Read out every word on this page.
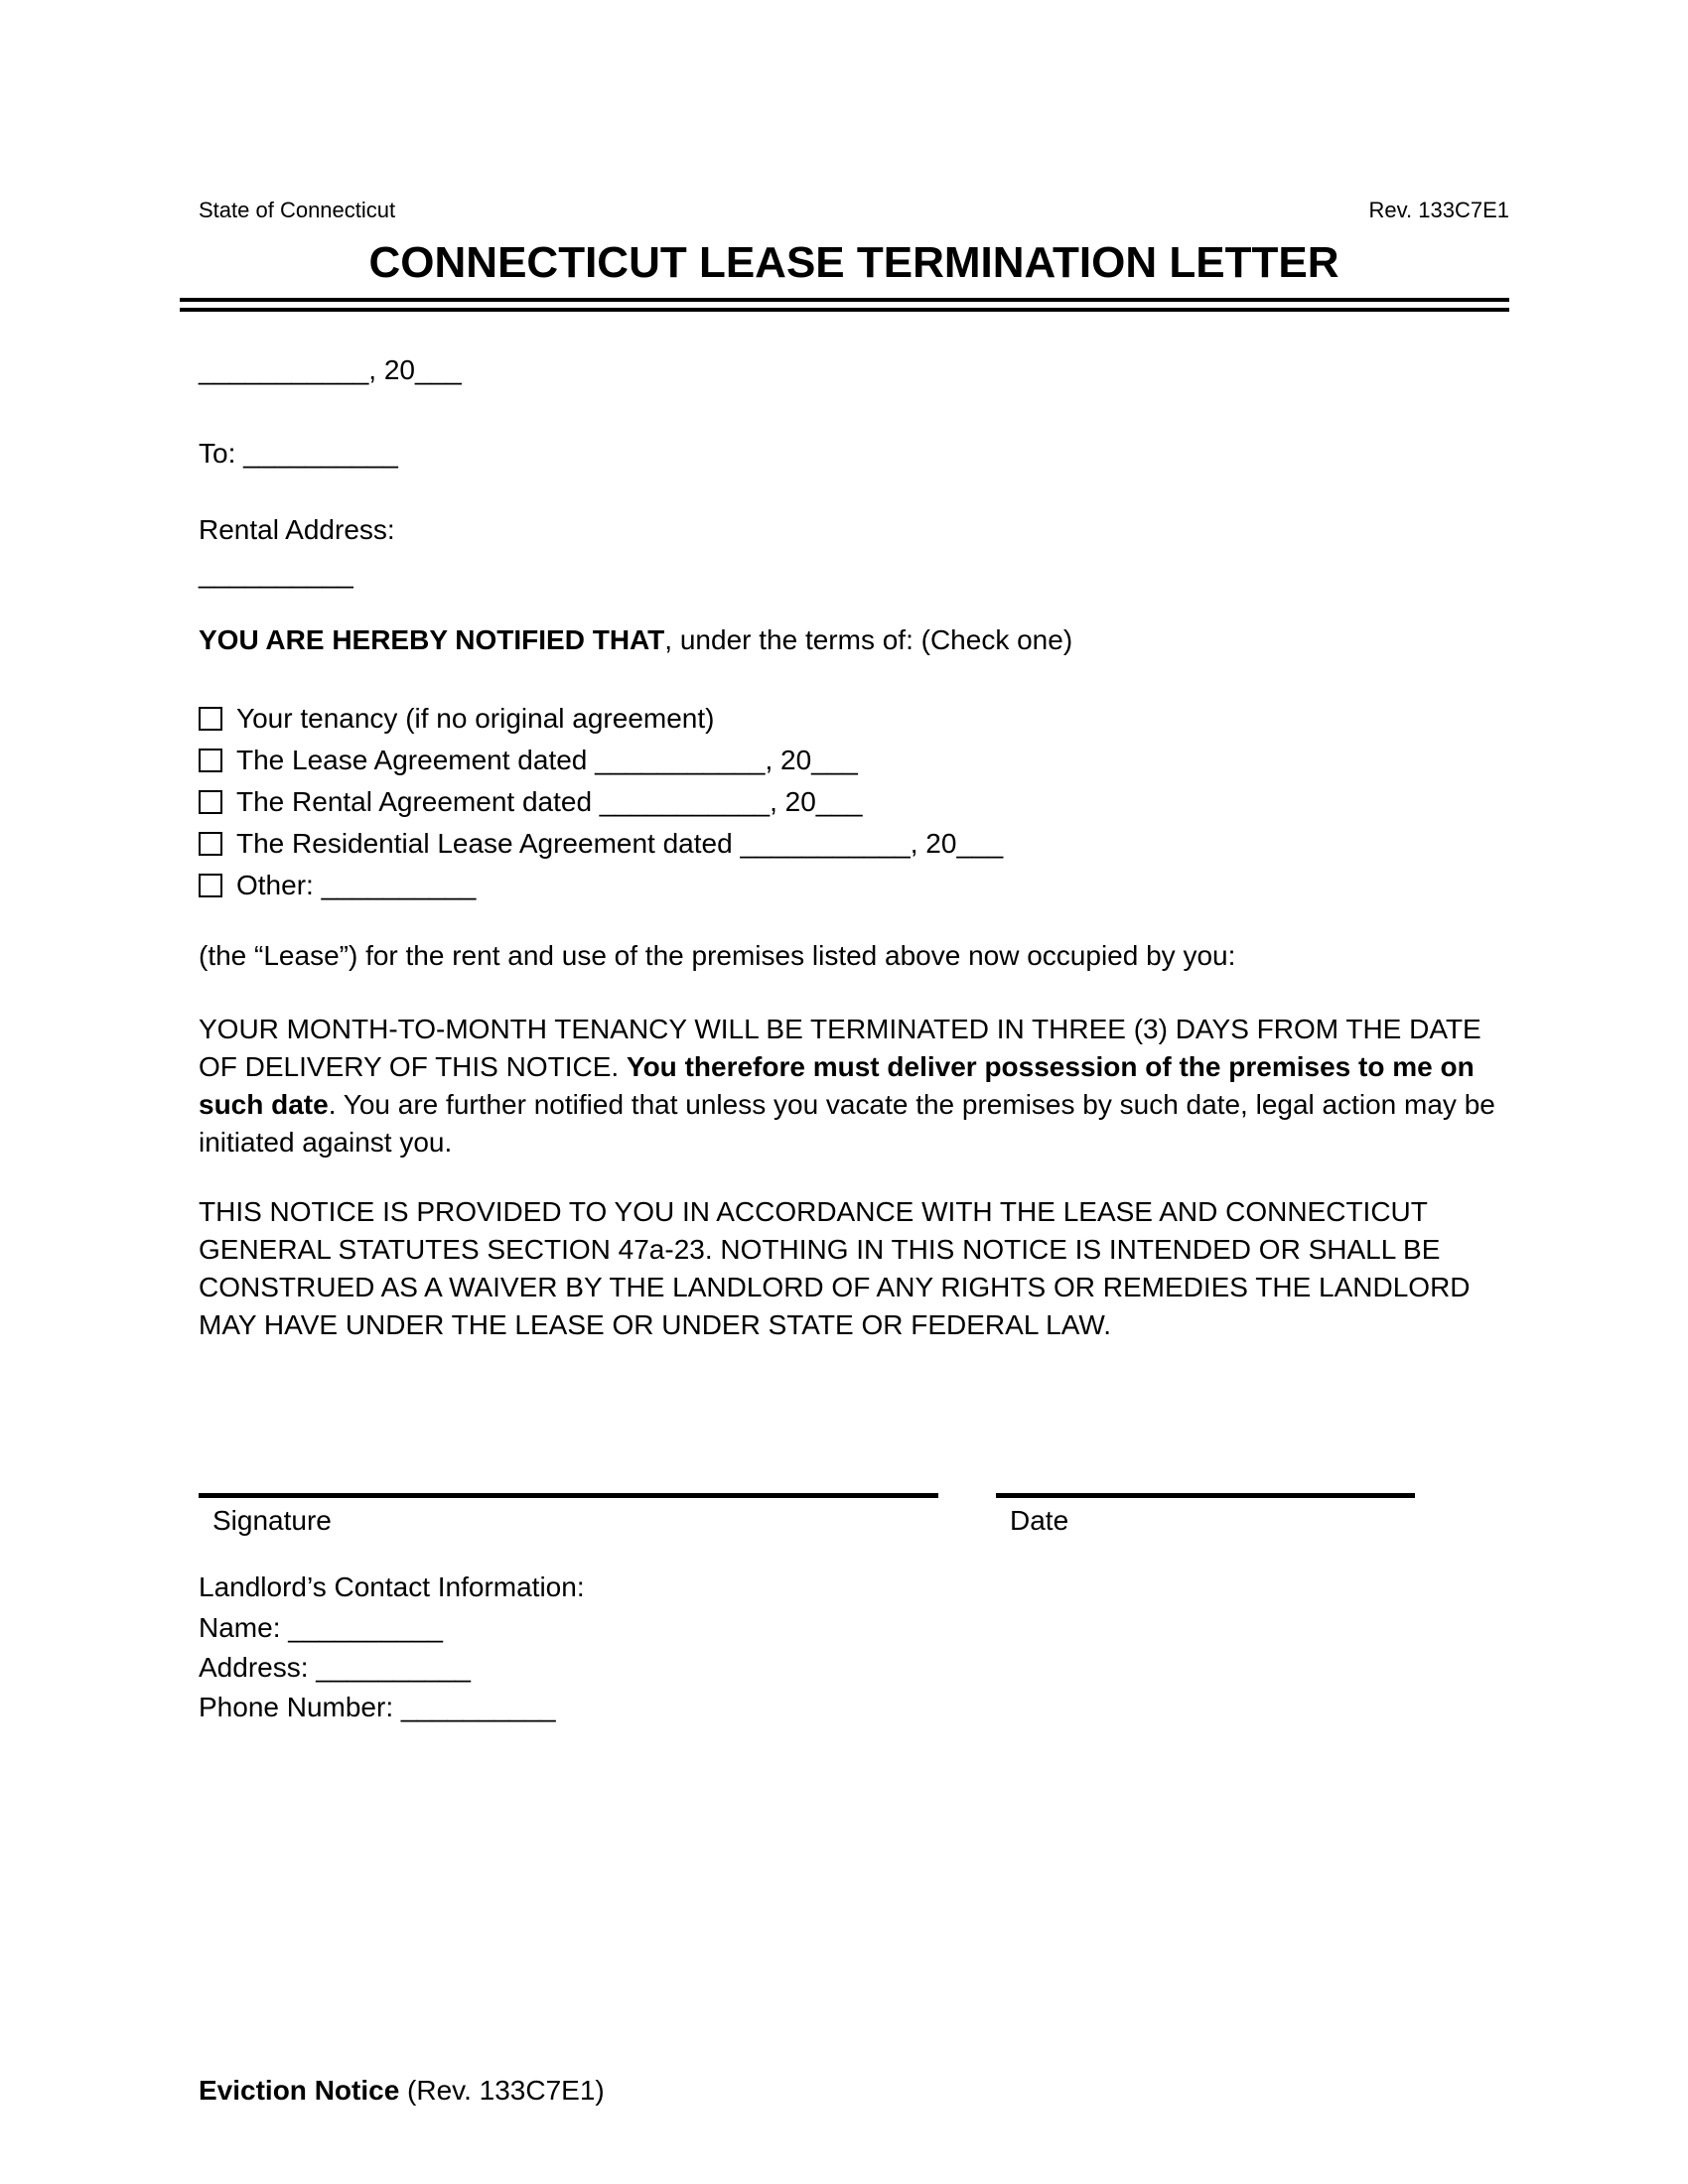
State of Connecticut	Rev. 133C7E1
CONNECTICUT LEASE TERMINATION LETTER
___________, 20___
To: __________
Rental Address:
__________
YOU ARE HEREBY NOTIFIED THAT, under the terms of: (Check one)
Your tenancy (if no original agreement)
The Lease Agreement dated ___________, 20___
The Rental Agreement dated ___________, 20___
The Residential Lease Agreement dated ___________, 20___
Other: __________
(the “Lease”) for the rent and use of the premises listed above now occupied by you:
YOUR MONTH-TO-MONTH TENANCY WILL BE TERMINATED IN THREE (3) DAYS FROM THE DATE OF DELIVERY OF THIS NOTICE. You therefore must deliver possession of the premises to me on such date. You are further notified that unless you vacate the premises by such date, legal action may be initiated against you.
THIS NOTICE IS PROVIDED TO YOU IN ACCORDANCE WITH THE LEASE AND CONNECTICUT GENERAL STATUTES SECTION 47a-23. NOTHING IN THIS NOTICE IS INTENDED OR SHALL BE CONSTRUED AS A WAIVER BY THE LANDLORD OF ANY RIGHTS OR REMEDIES THE LANDLORD MAY HAVE UNDER THE LEASE OR UNDER STATE OR FEDERAL LAW.
Signature	Date
Landlord’s Contact Information:
Name: __________
Address: __________
Phone Number: __________
Eviction Notice (Rev. 133C7E1)
